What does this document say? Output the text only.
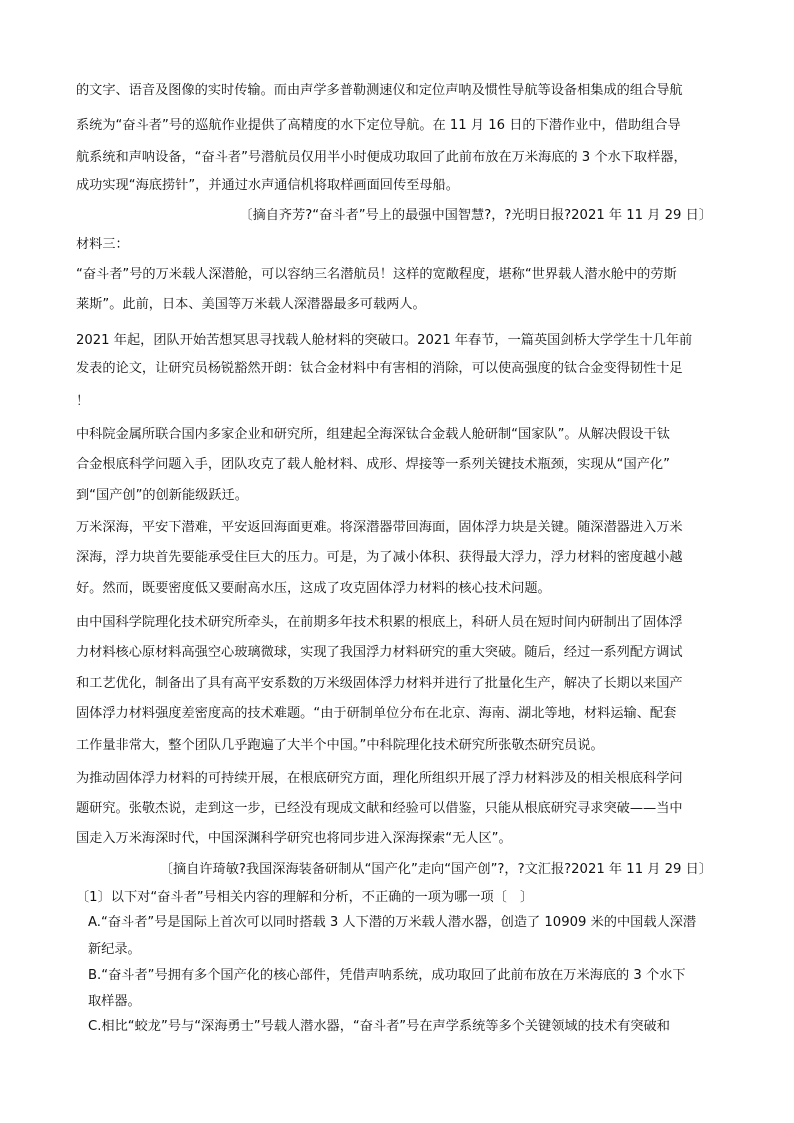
的文字、语音及图像的实时传输。而由声学多普勒测速仪和定位声呐及惯性导航等设备相集成的组合导航
系统为“奋斗者”号的巡航作业提供了高精度的水下定位导航。在 11 月 16 日的下潜作业中，借助组合导
航系统和声呐设备，“奋斗者”号潜航员仅用半小时便成功取回了此前布放在万米海底的 3 个水下取样器，
成功实现“海底捞针”，并通过水声通信机将取样画面回传至母船。
〔摘自齐芳?“奋斗者”号上的最强中国智慧?，?光明日报?2021 年 11 月 29 日〕
材料三：
“奋斗者”号的万米载人深潜舱，可以容纳三名潜航员！这样的宽敞程度，堪称“世界载人潜水舱中的劳斯
莱斯”。此前，日本、美国等万米载人深潜器最多可载两人。
2021 年起，团队开始苦想冥思寻找载人舱材料的突破口。2021 年春节，一篇英国剑桥大学学生十几年前
发表的论文，让研究员杨锐豁然开朗：钛合金材料中有害相的消除，可以使高强度的钛合金变得韧性十足
！
中科院金属所联合国内多家企业和研究所，组建起全海深钛合金载人舱研制“国家队”。从解决假设干钛
合金根底科学问题入手，团队攻克了载人舱材料、成形、焊接等一系列关键技术瓶颈，实现从“国产化”
到“国产创”的创新能级跃迁。
万米深海，平安下潜难，平安返回海面更难。将深潜器带回海面，固体浮力块是关键。随深潜器进入万米
深海，浮力块首先要能承受住巨大的压力。可是，为了减小体积、获得最大浮力，浮力材料的密度越小越
好。然而，既要密度低又要耐高水压，这成了攻克固体浮力材料的核心技术问题。
由中国科学院理化技术研究所牵头，在前期多年技术积累的根底上，科研人员在短时间内研制出了固体浮
力材料核心原材料高强空心玻璃微球，实现了我国浮力材料研究的重大突破。随后，经过一系列配方调试
和工艺优化，制备出了具有高平安系数的万米级固体浮力材料并进行了批量化生产，解决了长期以来国产
固体浮力材料强度差密度高的技术难题。“由于研制单位分布在北京、海南、湖北等地，材料运输、配套
工作量非常大，整个团队几乎跑遍了大半个中国。”中科院理化技术研究所张敬杰研究员说。
为推动固体浮力材料的可持续开展，在根底研究方面，理化所组织开展了浮力材料涉及的相关根底科学问
题研究。张敬杰说，走到这一步，已经没有现成文献和经验可以借鉴，只能从根底研究寻求突破——当中
国走入万米海深时代，中国深渊科学研究也将同步进入深海探索“无人区”。
〔摘自许琦敏?我国深海装备研制从“国产化”走向“国产创”?，?文汇报?2021 年 11 月 29 日〕
〔1〕以下对“奋斗者”号相关内容的理解和分析，不正确的一项为哪一项〔　〕
A.“奋斗者”号是国际上首次可以同时搭载 3 人下潜的万米载人潜水器，创造了 10909 米的中国载人深潜
新纪录。
B.“奋斗者”号拥有多个国产化的核心部件，凭借声呐系统，成功取回了此前布放在万米海底的 3 个水下
取样器。
C.相比“蛟龙”号与“深海勇士”号载人潜水器，“奋斗者”号在声学系统等多个关键领域的技术有突破和
